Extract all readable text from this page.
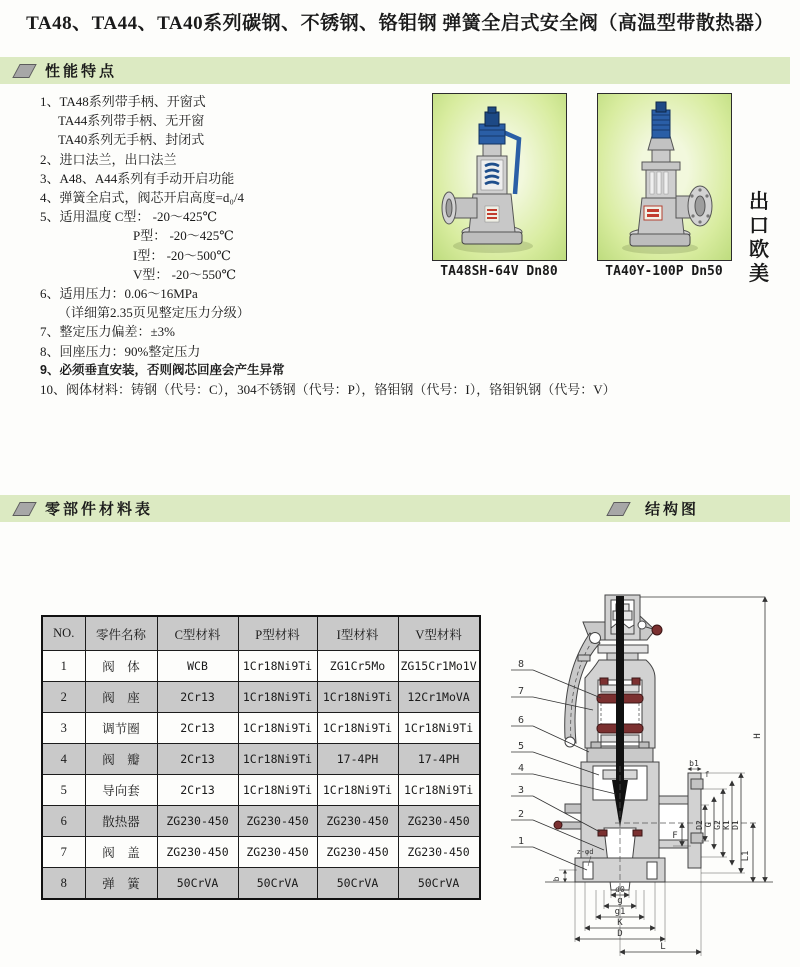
TA48、TA44、TA40系列碳钢、不锈钢、铬钼钢 弹簧全启式安全阀（高温型带散热器）
性能特点
1、TA48系列带手柄、开窗式
TA44系列带手柄、无开窗
TA40系列无手柄、封闭式
2、进口法兰，出口法兰
3、A48、A44系列有手动开启功能
4、弹簧全启式，阀芯开启高度=d₀/4
5、适用温度 C型： -20～425℃
P型： -20～425℃
I型： -20～500℃
V型： -20～550℃
6、适用压力：0.06～16MPa
（详细第2.35页见整定压力分级）
7、整定压力偏差：±3%
8、回座压力：90%整定压力
9、必须垂直安装，否则阀芯回座会产生异常
10、阀体材料：铸钢（代号：C），304不锈钢（代号：P），铬钼钢（代号：I），铬钼钒钢（代号：V）
TA48SH-64V Dn80	TA40Y-100P Dn50
出
口
欧
美
零部件材料表	结构图
NO.	零件名称	C型材料	P型材料	I型材料	V型材料
1	阀　体	WCB	1Cr18Ni9Ti	ZG1Cr5Mo	ZG15Cr1Mo1V
2	阀　座	2Cr13	1Cr18Ni9Ti	1Cr18Ni9Ti	12Cr1MoVA
3	调节圈	2Cr13	1Cr18Ni9Ti	1Cr18Ni9Ti	1Cr18Ni9Ti
4	阀　瓣	2Cr13	1Cr18Ni9Ti	17-4PH	17-4PH
5	导向套	2Cr13	1Cr18Ni9Ti	1Cr18Ni9Ti	1Cr18Ni9Ti
6	散热器	ZG230-450	ZG230-450	ZG230-450	ZG230-450
7	阀　盖	ZG230-450	ZG230-450	ZG230-450	ZG230-450
8	弹　簧	50CrVA	50CrVA	50CrVA	50CrVA
8
7
6
5
4
3
2
1
H
L1
D2 G G2 K1 D1
b1
f
F
b
z-φd
d0
g
g1
K
D
L
